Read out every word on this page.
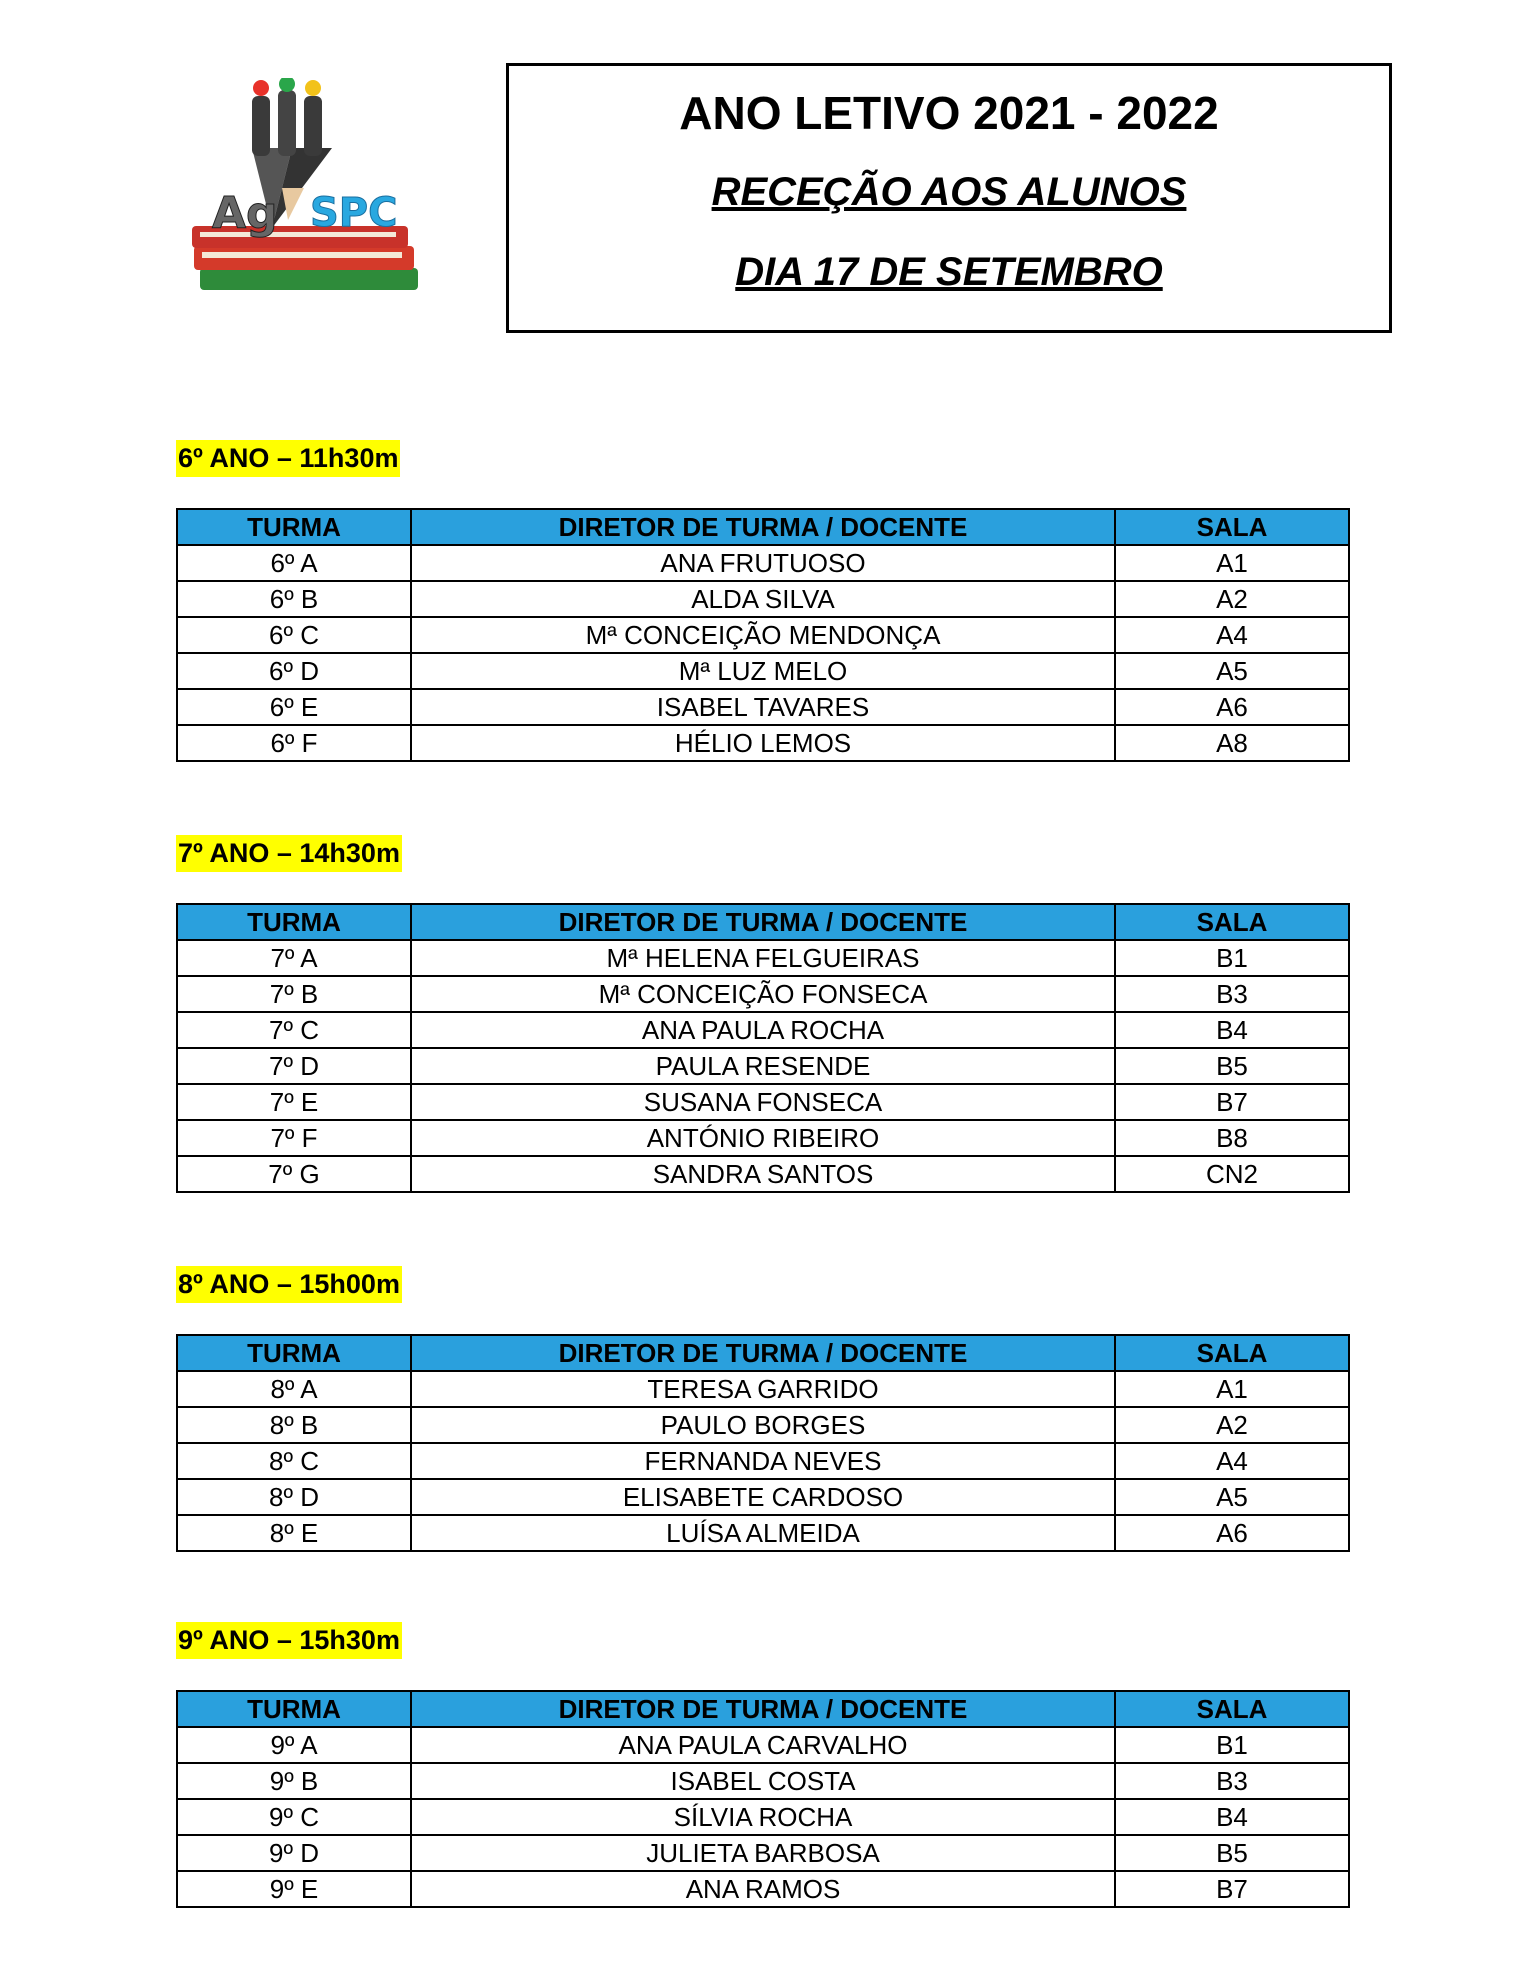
Ag SPC
ANO LETIVO 2021 - 2022
RECEÇÃO AOS ALUNOS
DIA 17 DE SETEMBRO
6º ANO – 11h30m
TURMA	DIRETOR DE TURMA / DOCENTE	SALA
6º A	ANA FRUTUOSO	A1
6º B	ALDA SILVA	A2
6º C	Mª CONCEIÇÃO MENDONÇA	A4
6º D	Mª LUZ MELO	A5
6º E	ISABEL TAVARES	A6
6º F	HÉLIO LEMOS	A8
7º ANO – 14h30m
TURMA	DIRETOR DE TURMA / DOCENTE	SALA
7º A	Mª HELENA FELGUEIRAS	B1
7º B	Mª CONCEIÇÃO FONSECA	B3
7º C	ANA PAULA ROCHA	B4
7º D	PAULA RESENDE	B5
7º E	SUSANA FONSECA	B7
7º F	ANTÓNIO RIBEIRO	B8
7º G	SANDRA SANTOS	CN2
8º ANO – 15h00m
TURMA	DIRETOR DE TURMA / DOCENTE	SALA
8º A	TERESA GARRIDO	A1
8º B	PAULO BORGES	A2
8º C	FERNANDA NEVES	A4
8º D	ELISABETE CARDOSO	A5
8º E	LUÍSA ALMEIDA	A6
9º ANO – 15h30m
TURMA	DIRETOR DE TURMA / DOCENTE	SALA
9º A	ANA PAULA CARVALHO	B1
9º B	ISABEL COSTA	B3
9º C	SÍLVIA ROCHA	B4
9º D	JULIETA BARBOSA	B5
9º E	ANA RAMOS	B7
